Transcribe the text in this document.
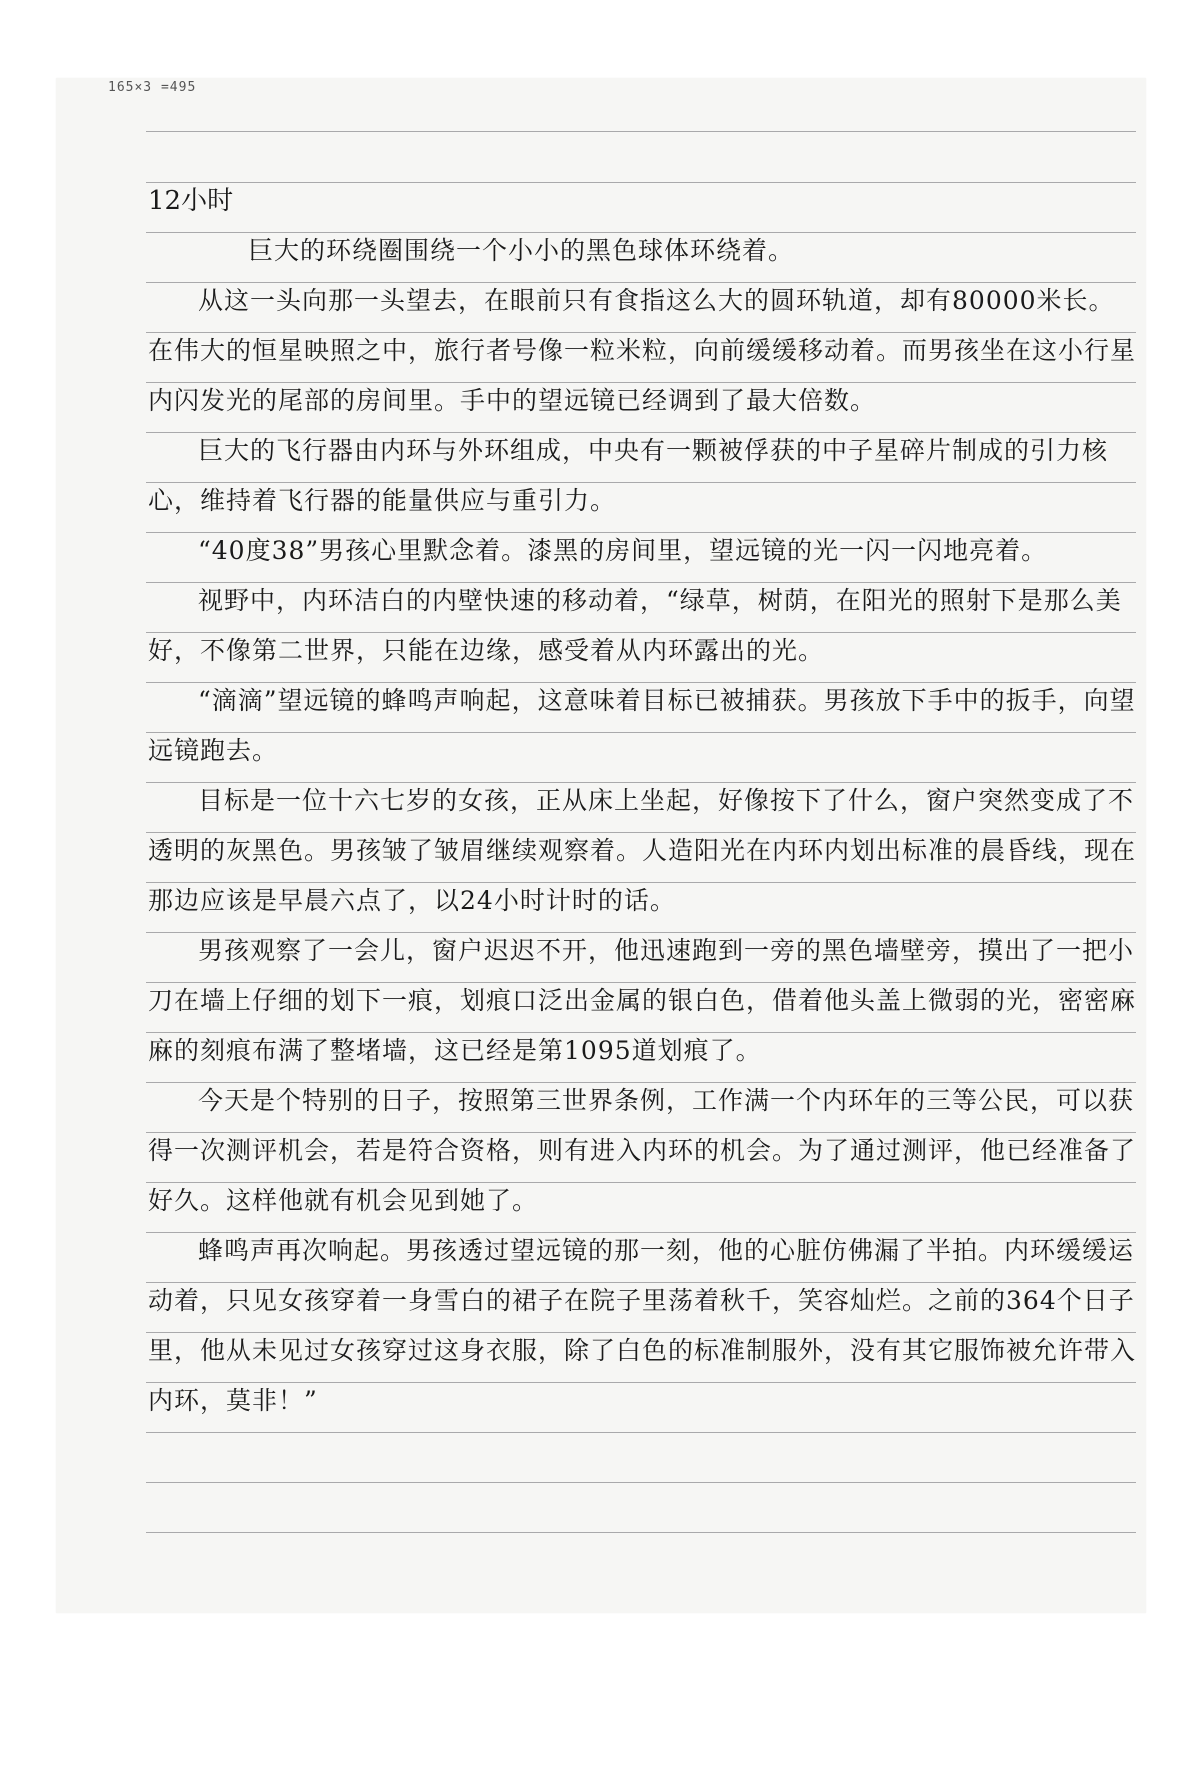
165×3 =495
12小时

巨大的环绕圈围绕一个小小的黑色球体环绕着。

从这一头向那一头望去，在眼前只有食指这么大的圆环轨道，却有80000米长。在伟大的恒星映照之中，旅行者号像一粒米粒，向前缓缓移动着。而男孩坐在这小行星内闪发光的尾部的房间里。手中的望远镜已经调到了最大倍数。

巨大的飞行器由内环与外环组成，中央有一颗被俘获的中子星碎片制成的引力核心，维持着飞行器的能量供应与重引力。

“40度38”男孩心里默念着。漆黑的房间里，望远镜的光一闪一闪地亮着。

视野中，内环洁白的内壁快速的移动着，“绿草，树荫，在阳光的照射下是那么美好，不像第二世界，只能在边缘，感受着从内环露出的光。

“滴滴”望远镜的蜂鸣声响起，这意味着目标已被捕获。男孩放下手中的扳手，向望远镜跑去。

目标是一位十六七岁的女孩，正从床上坐起，好像按下了什么，窗户突然变成了不透明的灰黑色。男孩皱了皱眉继续观察着。人造阳光在内环内划出标准的晨昏线，现在那边应该是早晨六点了，以24小时计时的话。

男孩观察了一会儿，窗户迟迟不开，他迅速跑到一旁的黑色墙壁旁，摸出了一把小刀在墙上仔细的划下一痕，划痕口泛出金属的银白色，借着他头盖上微弱的光，密密麻麻的刻痕布满了整堵墙，这已经是第1095道划痕了。

今天是个特别的日子，按照第三世界条例，工作满一个内环年的三等公民，可以获得一次测评机会，若是符合资格，则有进入内环的机会。为了通过测评，他已经准备了好久。这样他就有机会见到她了。

蜂鸣声再次响起。男孩透过望远镜的那一刻，他的心脏仿佛漏了半拍。内环缓缓运动着，只见女孩穿着一身雪白的裙子在院子里荡着秋千，笑容灿烂。之前的364个日子里，他从未见过女孩穿过这身衣服，除了白色的标准制服外，没有其它服饰被允许带入内环，莫非！”
